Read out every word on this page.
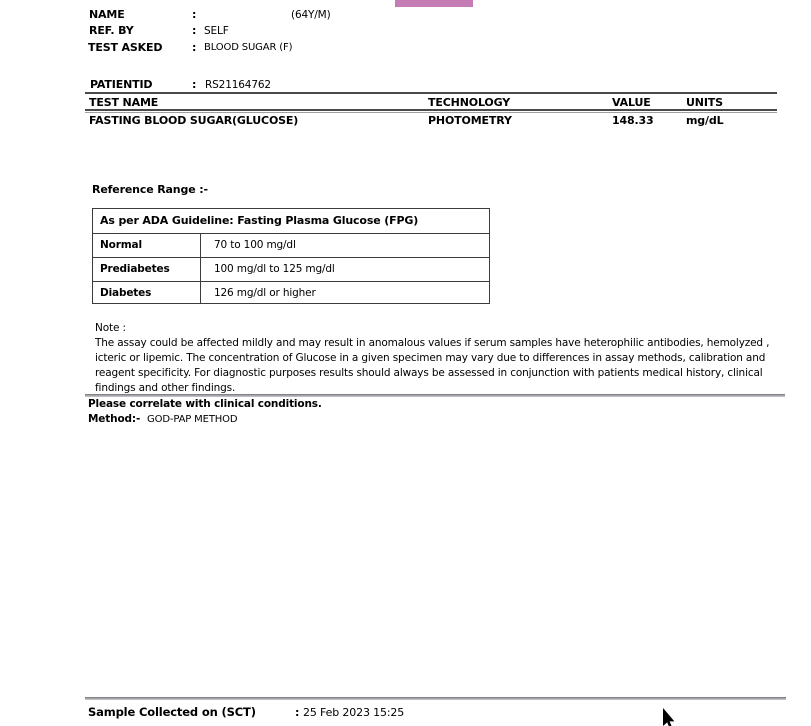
NAME	:	(64Y/M)
REF. BY	: SELF
TEST ASKED	: BLOOD SUGAR (F)
PATIENTID	: RS21164762
TEST NAME	TECHNOLOGY	VALUE	UNITS
FASTING BLOOD SUGAR(GLUCOSE)	PHOTOMETRY	148.33	mg/dL
Reference Range :-
As per ADA Guideline: Fasting Plasma Glucose (FPG)
Normal	70 to 100 mg/dl
Prediabetes	100 mg/dl to 125 mg/dl
Diabetes	126 mg/dl or higher
Note :
The assay could be affected mildly and may result in anomalous values if serum samples have heterophilic antibodies, hemolyzed ,
icteric or lipemic. The concentration of Glucose in a given specimen may vary due to differences in assay methods, calibration and
reagent specificity. For diagnostic purposes results should always be assessed in conjunction with patients medical history, clinical
findings and other findings.
Please correlate with clinical conditions.
Method:- GOD-PAP METHOD
Sample Collected on (SCT)	: 25 Feb 2023 15:25
